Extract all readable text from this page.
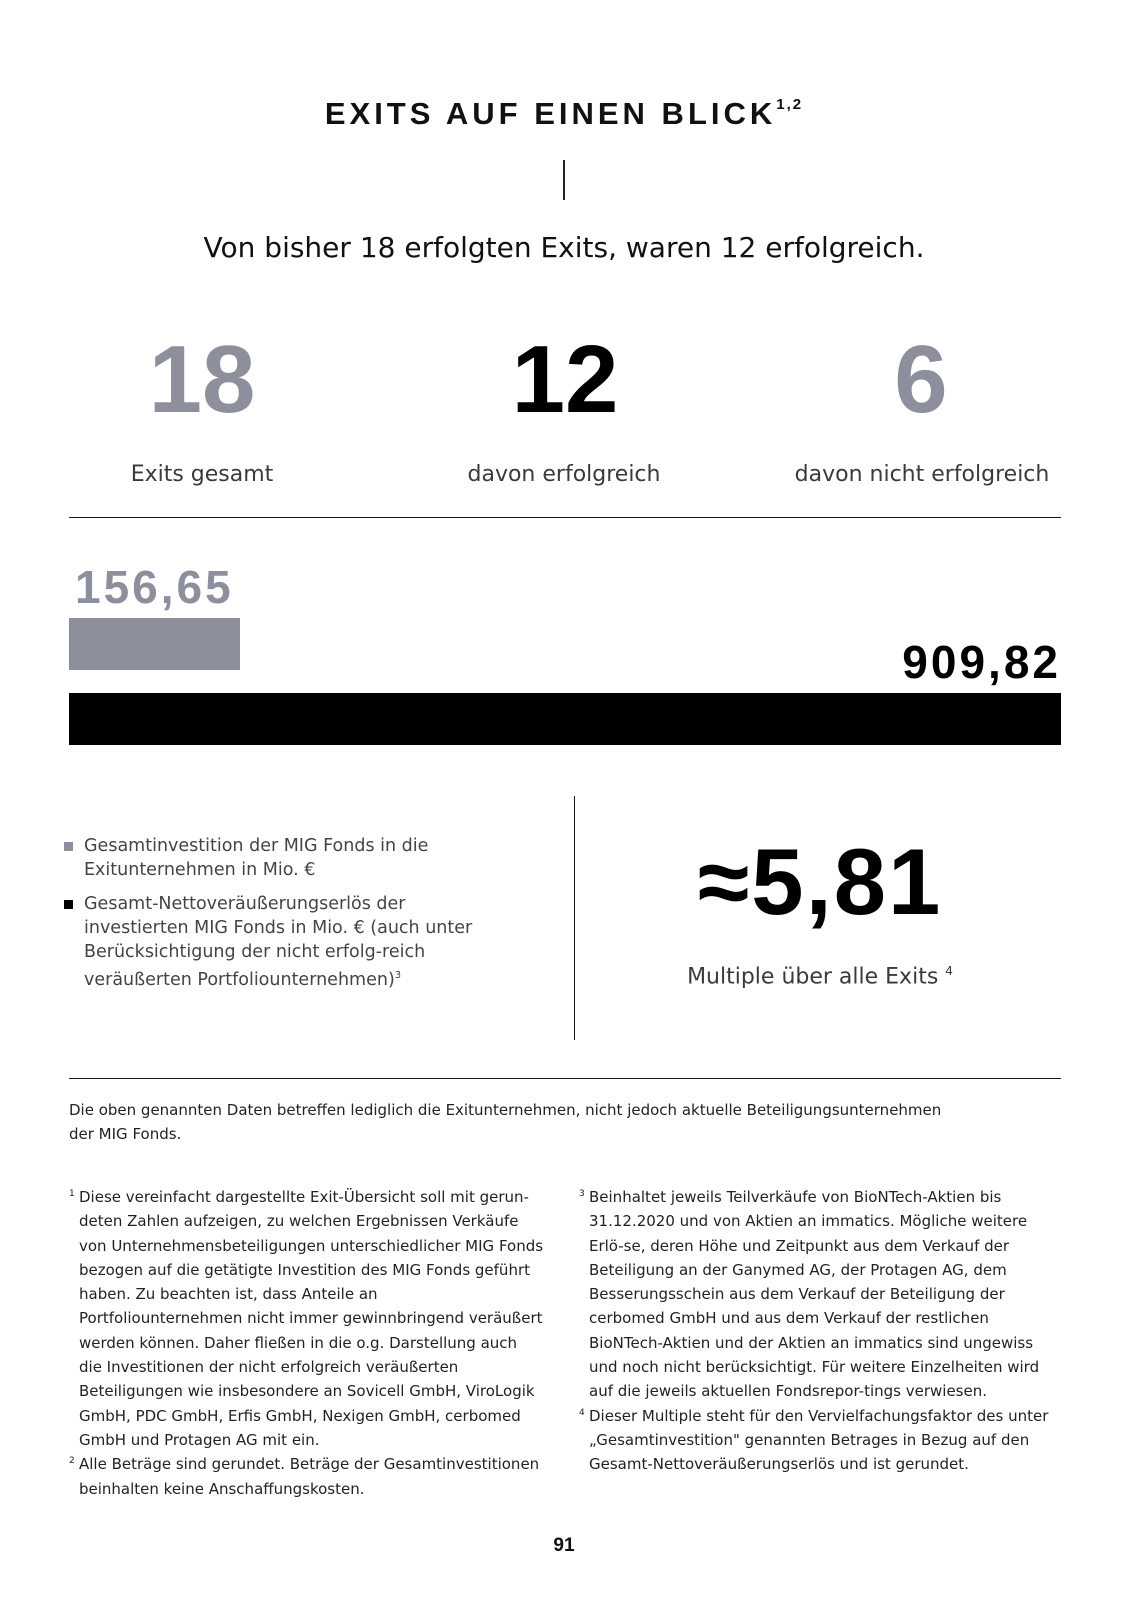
EXITS AUF EINEN BLICK$^{1,2}$
Von bisher 18 erfolgten Exits, waren 12 erfolgreich.
18
Exits gesamt
12
davon erfolgreich
6
davon nicht erfolgreich
156,65
909,82
Gesamtinvestition der MIG Fonds in die Exitunternehmen in Mio. €
Gesamt-Nettoveräußerungserlös der investierten MIG Fonds in Mio. € (auch unter Berücksichtigung der nicht erfolg-reich veräußerten Portfoliounternehmen)$^3$
≈5,81
Multiple über alle Exits $^4$
Die oben genannten Daten betreffen lediglich die Exitunternehmen, nicht jedoch aktuelle Beteiligungsunternehmen der MIG Fonds.
1 Diese vereinfacht dargestellte Exit-Übersicht soll mit gerun-deten Zahlen aufzeigen, zu welchen Ergebnissen Verkäufe von Unternehmensbeteiligungen unterschiedlicher MIG Fonds bezogen auf die getätigte Investition des MIG Fonds geführt haben. Zu beachten ist, dass Anteile an Portfoliounternehmen nicht immer gewinnbringend veräußert werden können. Daher fließen in die o.g. Darstellung auch die Investitionen der nicht erfolgreich veräußerten Beteiligungen wie insbesondere an Sovicell GmbH, ViroLogik GmbH, PDC GmbH, Erfis GmbH, Nexigen GmbH, cerbomed GmbH und Protagen AG mit ein.
2 Alle Beträge sind gerundet. Beträge der Gesamtinvestitionen beinhalten keine Anschaffungskosten.
3 Beinhaltet jeweils Teilverkäufe von BioNTech-Aktien bis 31.12.2020 und von Aktien an immatics. Mögliche weitere Erlö-se, deren Höhe und Zeitpunkt aus dem Verkauf der Beteiligung an der Ganymed AG, der Protagen AG, dem Besserungsschein aus dem Verkauf der Beteiligung der cerbomed GmbH und aus dem Verkauf der restlichen BioNTech-Aktien und der Aktien an immatics sind ungewiss und noch nicht berücksichtigt. Für weitere Einzelheiten wird auf die jeweils aktuellen Fondsrepor-tings verwiesen.
4 Dieser Multiple steht für den Vervielfachungsfaktor des unter „Gesamtinvestition" genannten Betrages in Bezug auf den Gesamt-Nettoveräußerungserlös und ist gerundet.
91
